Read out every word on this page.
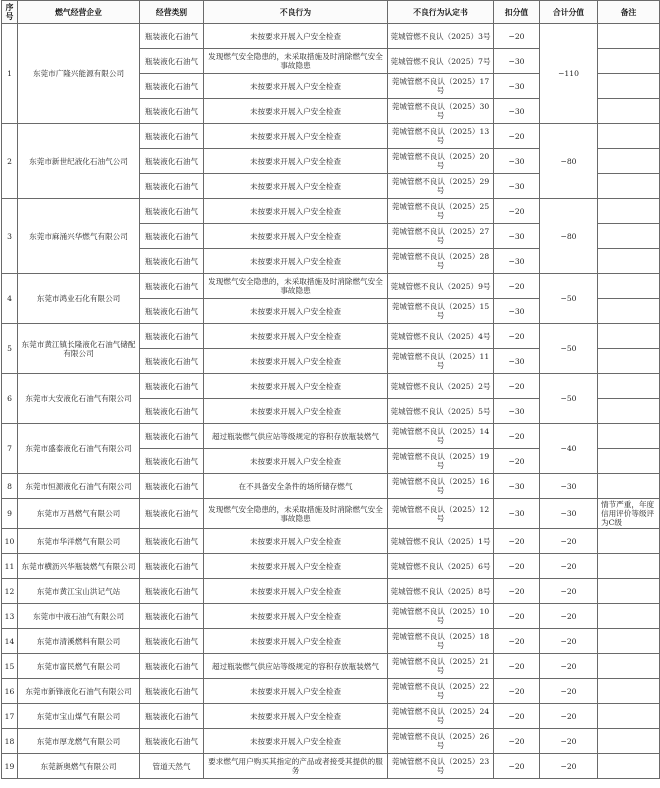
序号	燃气经营企业	经营类别	不良行为	不良行为认定书	扣分值	合计分值	备注
1	东莞市广隆兴能源有限公司	瓶装液化石油气	未按要求开展入户安全检查	莞城管燃不良认（2025）3号	−20	−110	
		瓶装液化石油气	发现燃气安全隐患的，未采取措施及时消除燃气安全事故隐患	莞城管燃不良认（2025）7号	−30		
		瓶装液化石油气	未按要求开展入户安全检查	莞城管燃不良认（2025）17号	−30		
		瓶装液化石油气	未按要求开展入户安全检查	莞城管燃不良认（2025）30号	−30		
2	东莞市新世纪液化石油气公司	瓶装液化石油气	未按要求开展入户安全检查	莞城管燃不良认（2025）13号	−20	−80	
		瓶装液化石油气	未按要求开展入户安全检查	莞城管燃不良认（2025）20号	−30		
		瓶装液化石油气	未按要求开展入户安全检查	莞城管燃不良认（2025）29号	−30		
3	东莞市麻涌兴华燃气有限公司	瓶装液化石油气	未按要求开展入户安全检查	莞城管燃不良认（2025）25号	−20	−80	
		瓶装液化石油气	未按要求开展入户安全检查	莞城管燃不良认（2025）27号	−30		
		瓶装液化石油气	未按要求开展入户安全检查	莞城管燃不良认（2025）28号	−30		
4	东莞市鸿业石化有限公司	瓶装液化石油气	发现燃气安全隐患的，未采取措施及时消除燃气安全事故隐患	莞城管燃不良认（2025）9号	−20	−50	
		瓶装液化石油气	未按要求开展入户安全检查	莞城管燃不良认（2025）15号	−30		
5	东莞市黄江镇长隆液化石油气储配有限公司	瓶装液化石油气	未按要求开展入户安全检查	莞城管燃不良认（2025）4号	−20	−50	
		瓶装液化石油气	未按要求开展入户安全检查	莞城管燃不良认（2025）11号	−30		
6	东莞市大安液化石油气有限公司	瓶装液化石油气	未按要求开展入户安全检查	莞城管燃不良认（2025）2号	−20	−50	
		瓶装液化石油气	未按要求开展入户安全检查	莞城管燃不良认（2025）5号	−30		
7	东莞市盛泰液化石油气有限公司	瓶装液化石油气	超过瓶装燃气供应站等级规定的容积存放瓶装燃气	莞城管燃不良认（2025）14号	−20	−40	
		瓶装液化石油气	未按要求开展入户安全检查	莞城管燃不良认（2025）19号	−20		
8	东莞市恒源液化石油气有限公司	瓶装液化石油气	在不具备安全条件的场所储存燃气	莞城管燃不良认（2025）16号	−30	−30	
9	东莞市万昌燃气有限公司	瓶装液化石油气	发现燃气安全隐患的，未采取措施及时消除燃气安全事故隐患	莞城管燃不良认（2025）12号	−30	−30	情节严重，年度信用评价等级评为C级
10	东莞市华洋燃气有限公司	瓶装液化石油气	未按要求开展入户安全检查	莞城管燃不良认（2025）1号	−20	−20	
11	东莞市横沥兴华瓶装燃气有限公司	瓶装液化石油气	未按要求开展入户安全检查	莞城管燃不良认（2025）6号	−20	−20	
12	东莞市黄江宝山洪记气站	瓶装液化石油气	未按要求开展入户安全检查	莞城管燃不良认（2025）8号	−20	−20	
13	东莞市中液石油气有限公司	瓶装液化石油气	未按要求开展入户安全检查	莞城管燃不良认（2025）10号	−20	−20	
14	东莞市清溪燃料有限公司	瓶装液化石油气	未按要求开展入户安全检查	莞城管燃不良认（2025）18号	−20	−20	
15	东莞市富民燃气有限公司	瓶装液化石油气	超过瓶装燃气供应站等级规定的容积存放瓶装燃气	莞城管燃不良认（2025）21号	−20	−20	
16	东莞市新锋液化石油气有限公司	瓶装液化石油气	未按要求开展入户安全检查	莞城管燃不良认（2025）22号	−20	−20	
17	东莞市宝山煤气有限公司	瓶装液化石油气	未按要求开展入户安全检查	莞城管燃不良认（2025）24号	−20	−20	
18	东莞市厚龙燃气有限公司	瓶装液化石油气	未按要求开展入户安全检查	莞城管燃不良认（2025）26号	−20	−20	
19	东莞新奥燃气有限公司	管道天然气	要求燃气用户购买其指定的产品或者接受其提供的服务	莞城管燃不良认（2025）23号	−20	−20	
